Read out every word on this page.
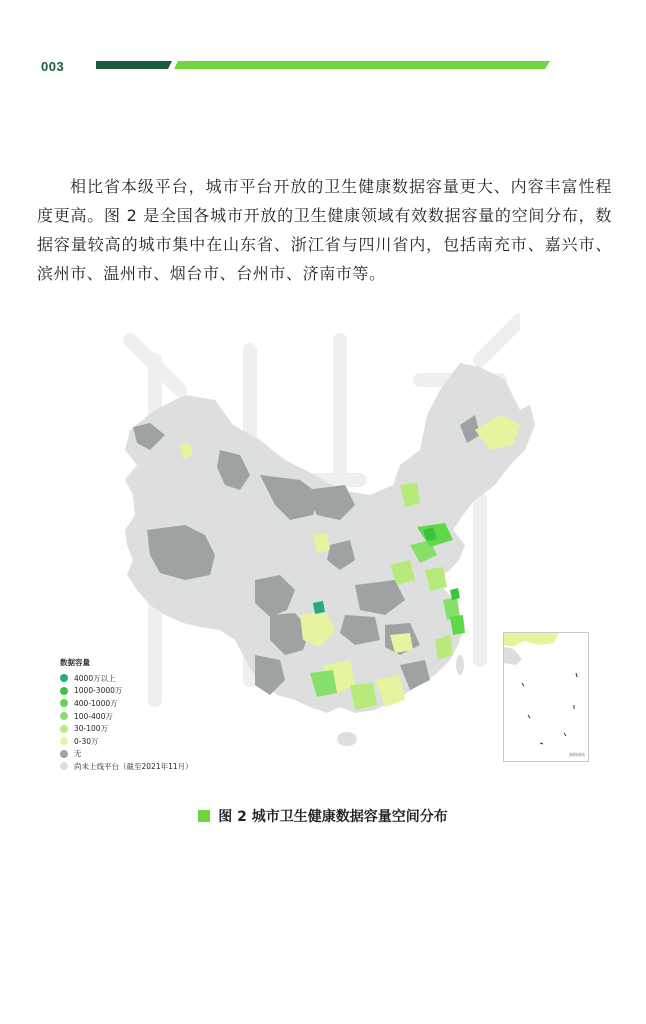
003
相比省本级平台，城市平台开放的卫生健康数据容量更大、内容丰富性程度更高。图 2 是全国各城市开放的卫生健康领域有效数据容量的空间分布，数据容量较高的城市集中在山东省、浙江省与四川省内，包括南充市、嘉兴市、滨州市、温州市、烟台市、台州市、济南市等。
南海诸岛
数据容量
4000万以上
1000-3000万
400-1000万
100-400万
30-100万
0-30万
无
尚未上线平台（截至2021年11月）
图 2 城市卫生健康数据容量空间分布
